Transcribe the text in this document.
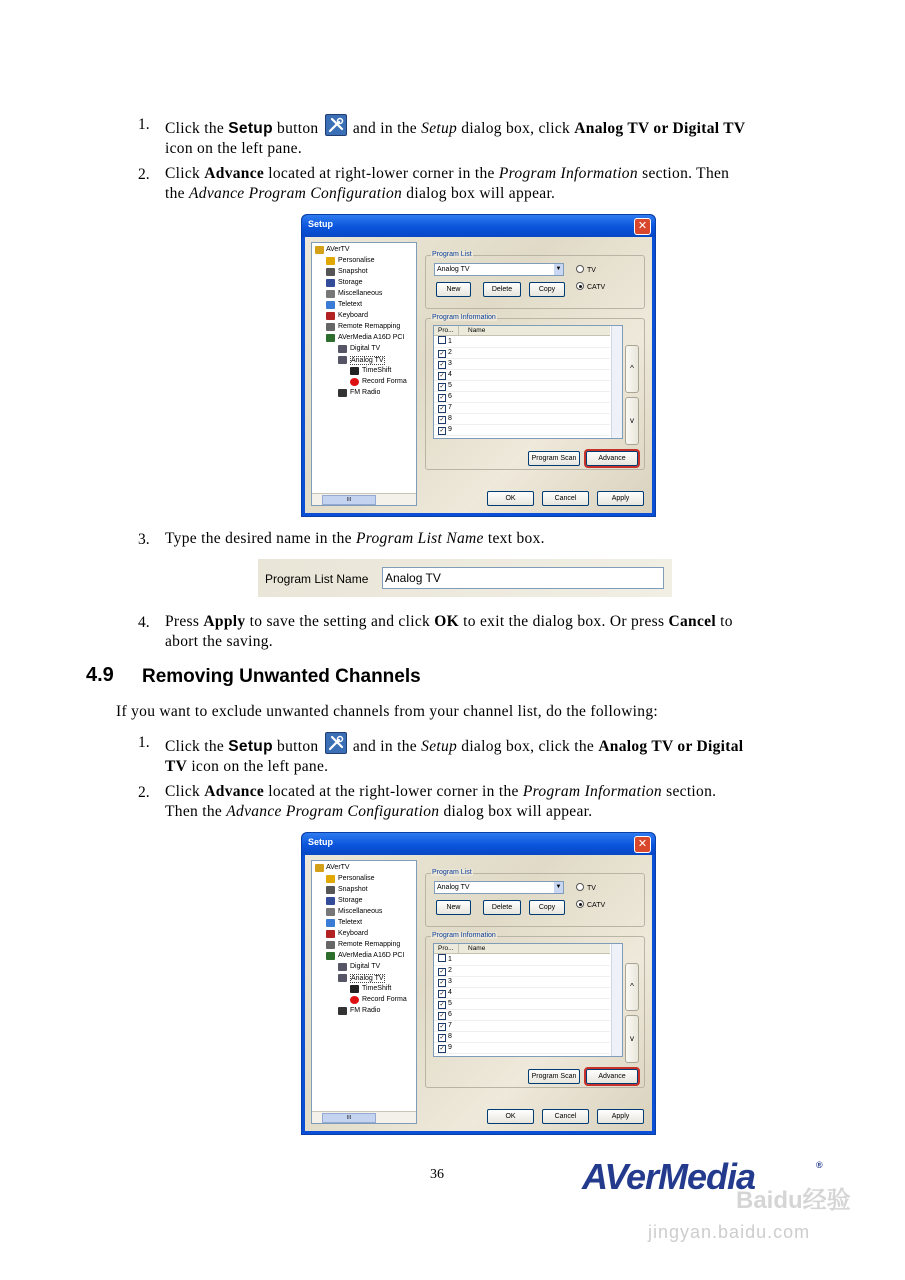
1. Click the Setup button and in the Setup dialog box, click Analog TV or Digital TV
icon on the left pane.
2. Click Advance located at right-lower corner in the Program Information section. Then
the Advance Program Configuration dialog box will appear.
Setup	✕
AVerTV
Personalise
Snapshot
Storage
Miscellaneous
Teletext
Keyboard
Remote Remapping
AVerMedia A16D PCI
Digital TV
Analog TV
TimeShift
Record Forma
FM Radio
III
Program List
Analog TV	▼	TV
CATV
New	Delete	Copy
Program Information
Pro... Name
1
✓ 2
✓ 3
✓ 4
✓ 5
✓ 6
✓ 7
✓ 8
✓ 9
^
v
Program Scan	Advance
OK	Cancel	Apply
3. Type the desired name in the Program List Name text box.
Program List Name Analog TV
4. Press Apply to save the setting and click OK to exit the dialog box. Or press Cancel to
abort the saving.
4.9 Removing Unwanted Channels
If you want to exclude unwanted channels from your channel list, do the following:
1. Click the Setup button and in the Setup dialog box, click the Analog TV or Digital
TV icon on the left pane.
2. Click Advance located at the right-lower corner in the Program Information section.
Then the Advance Program Configuration dialog box will appear.
Setup	✕
AVerTV
Personalise
Snapshot
Storage
Miscellaneous
Teletext
Keyboard
Remote Remapping
AVerMedia A16D PCI
Digital TV
Analog TV
TimeShift
Record Forma
FM Radio
III
Program List
Analog TV	▼	TV
CATV
New	Delete	Copy
Program Information
Pro... Name
1
✓ 2
✓ 3
✓ 4
✓ 5
✓ 6
✓ 7
✓ 8
✓ 9
^
v
Program Scan	Advance
OK	Cancel	Apply
36	AVerMedia	®
Baidu经验
jingyan.baidu.com
